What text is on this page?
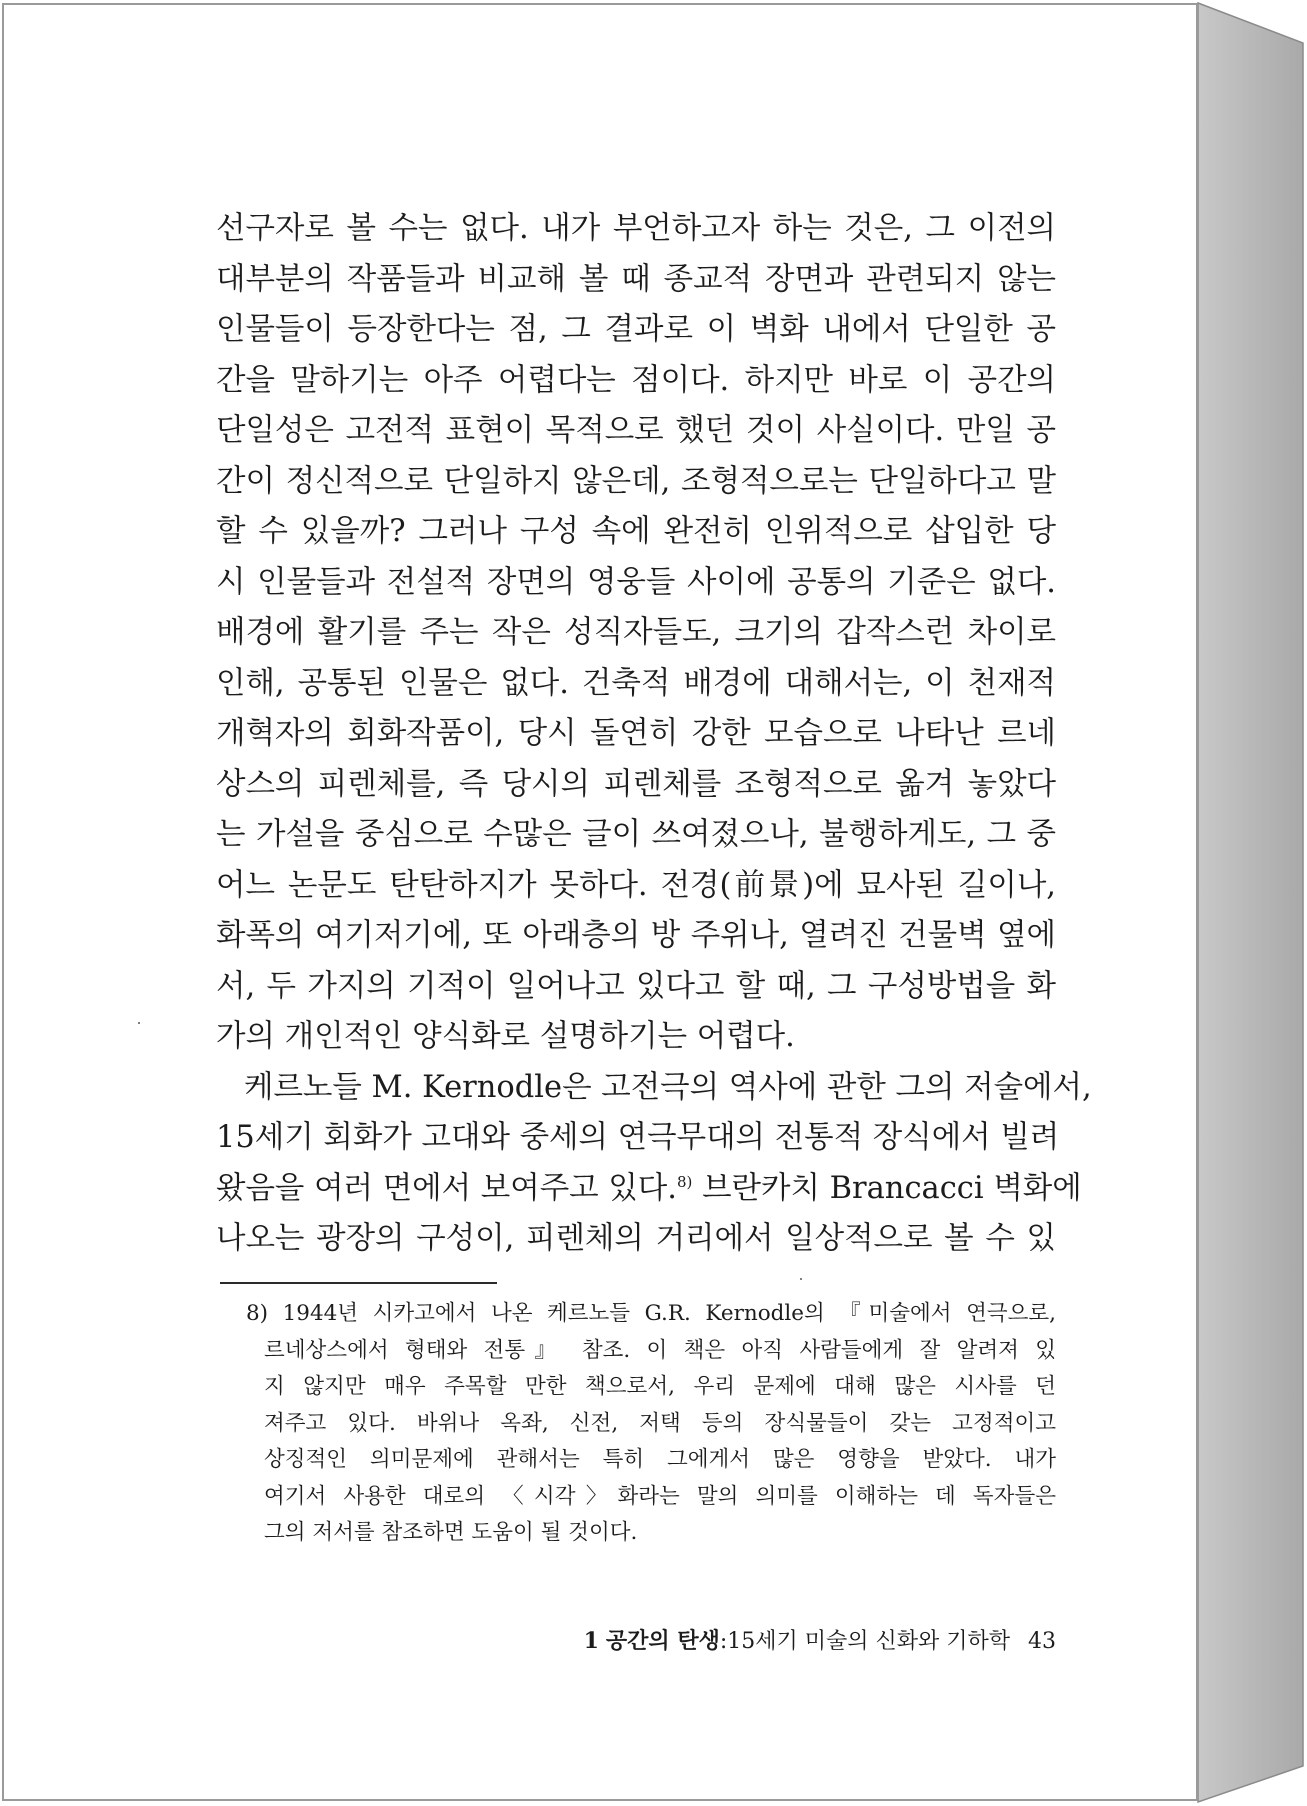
선구자로 볼 수는 없다. 내가 부언하고자 하는 것은, 그 이전의
대부분의 작품들과 비교해 볼 때 종교적 장면과 관련되지 않는
인물들이 등장한다는 점, 그 결과로 이 벽화 내에서 단일한 공
간을 말하기는 아주 어렵다는 점이다. 하지만 바로 이 공간의
단일성은 고전적 표현이 목적으로 했던 것이 사실이다. 만일 공
간이 정신적으로 단일하지 않은데, 조형적으로는 단일하다고 말
할 수 있을까? 그러나 구성 속에 완전히 인위적으로 삽입한 당
시 인물들과 전설적 장면의 영웅들 사이에 공통의 기준은 없다.
배경에 활기를 주는 작은 성직자들도, 크기의 갑작스런 차이로
인해, 공통된 인물은 없다. 건축적 배경에 대해서는, 이 천재적
개혁자의 회화작품이, 당시 돌연히 강한 모습으로 나타난 르네
상스의 피렌체를, 즉 당시의 피렌체를 조형적으로 옮겨 놓았다
는 가설을 중심으로 수많은 글이 쓰여졌으나, 불행하게도, 그 중
어느 논문도 탄탄하지가 못하다. 전경(前景)에 묘사된 길이나,
화폭의 여기저기에, 또 아래층의 방 주위나, 열려진 건물벽 옆에
서, 두 가지의 기적이 일어나고 있다고 할 때, 그 구성방법을 화
가의 개인적인 양식화로 설명하기는 어렵다.
케르노들 M. Kernodle은 고전극의 역사에 관한 그의 저술에서,
15세기 회화가 고대와 중세의 연극무대의 전통적 장식에서 빌려
왔음을 여러 면에서 보여주고 있다.$^{8)}$ 브란카치 Brancacci 벽화에
나오는 광장의 구성이, 피렌체의 거리에서 일상적으로 볼 수 있
8) 1944년 시카고에서 나온 케르노들 G.R. Kernodle의 『미술에서 연극으로,
르네상스에서 형태와 전통』 참조. 이 책은 아직 사람들에게 잘 알려져 있
지 않지만 매우 주목할 만한 책으로서, 우리 문제에 대해 많은 시사를 던
져주고 있다. 바위나 옥좌, 신전, 저택 등의 장식물들이 갖는 고정적이고
상징적인 의미문제에 관해서는 특히 그에게서 많은 영향을 받았다. 내가
여기서 사용한 대로의 〈시각〉화라는 말의 의미를 이해하는 데 독자들은
그의 저서를 참조하면 도움이 될 것이다.
1 공간의 탄생:15세기 미술의 신화와 기하학 43
